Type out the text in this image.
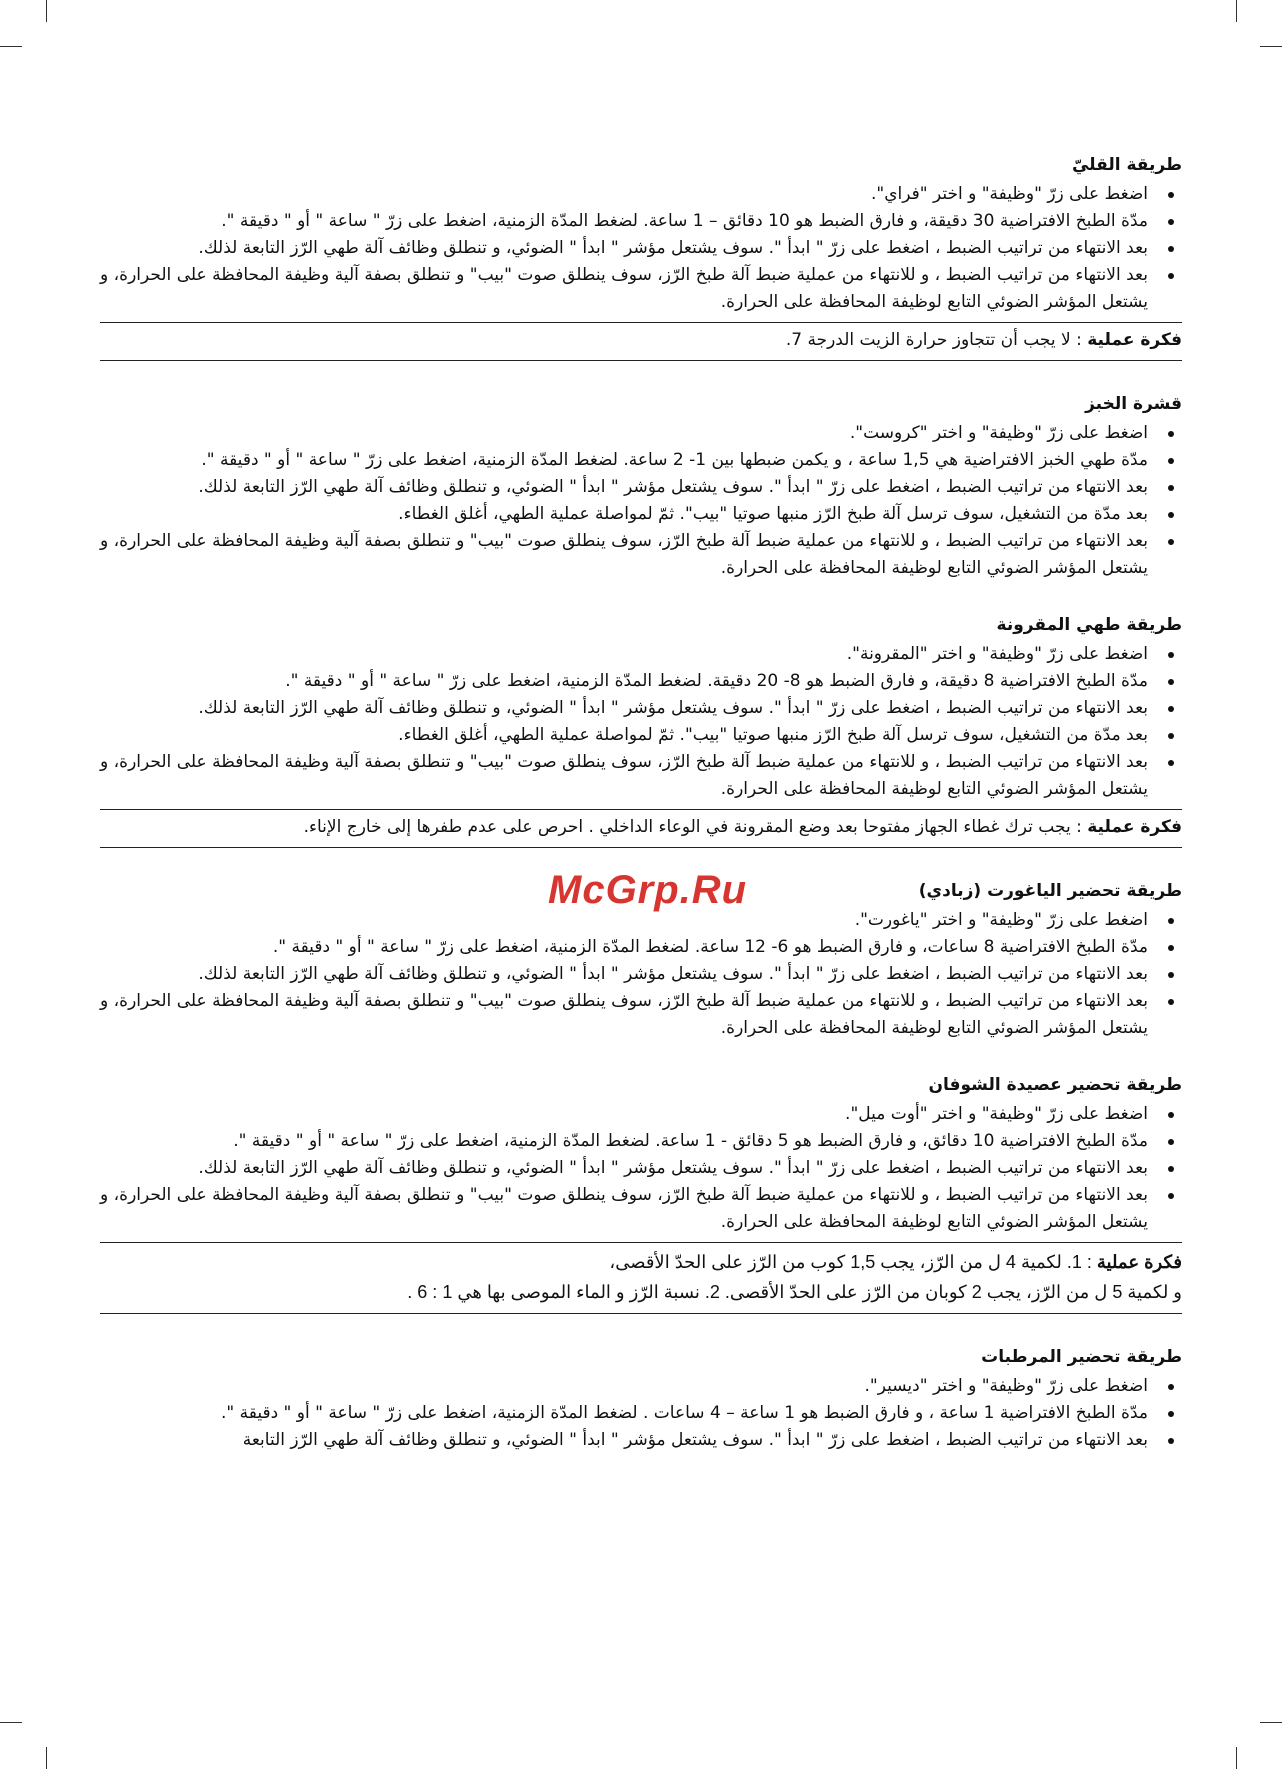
طريقة القليّ
اضغط على زرّ "وظيفة" و اختر "فراي".
مدّة الطبخ الافتراضية 30 دقيقة، و فارق الضبط هو 10 دقائق – 1 ساعة. لضغط المدّة الزمنية، اضغط على زرّ " ساعة " أو " دقيقة ".
بعد الانتهاء من تراتيب الضبط ، اضغط على زرّ " ابدأ ". سوف يشتعل مؤشر " ابدأ " الضوئي، و تنطلق وظائف آلة طهي الرّز التابعة لذلك.
بعد الانتهاء من تراتيب الضبط ، و للانتهاء من عملية ضبط آلة طبخ الرّز، سوف ينطلق صوت "بيب" و تنطلق بصفة آلية وظيفة المحافظة على الحرارة، و يشتعل المؤشر الضوئي التابع لوظيفة المحافظة على الحرارة.
فكرة عملية : لا يجب أن تتجاوز حرارة الزيت الدرجة 7.
قشرة الخبز
اضغط على زرّ "وظيفة" و اختر "كروست".
مدّة طهي الخبز الافتراضية هي 1,5 ساعة ، و يكمن ضبطها بين 1- 2 ساعة. لضغط المدّة الزمنية، اضغط على زرّ " ساعة " أو " دقيقة ".
بعد الانتهاء من تراتيب الضبط ، اضغط على زرّ " ابدأ ". سوف يشتعل مؤشر " ابدأ " الضوئي، و تنطلق وظائف آلة طهي الرّز التابعة لذلك.
بعد مدّة من التشغيل، سوف ترسل آلة طبخ الرّز منبها صوتيا "بيب". ثمّ لمواصلة عملية الطهي، أغلق الغطاء.
بعد الانتهاء من تراتيب الضبط ، و للانتهاء من عملية ضبط آلة طبخ الرّز، سوف ينطلق صوت "بيب" و تنطلق بصفة آلية وظيفة المحافظة على الحرارة، و يشتعل المؤشر الضوئي التابع لوظيفة المحافظة على الحرارة.
طريقة طهي المقرونة
اضغط على زرّ "وظيفة" و اختر "المقرونة".
مدّة الطبخ الافتراضية 8 دقيقة، و فارق الضبط هو 8- 20 دقيقة. لضغط المدّة الزمنية، اضغط على زرّ " ساعة " أو " دقيقة ".
بعد الانتهاء من تراتيب الضبط ، اضغط على زرّ " ابدأ ". سوف يشتعل مؤشر " ابدأ " الضوئي، و تنطلق وظائف آلة طهي الرّز التابعة لذلك.
بعد مدّة من التشغيل، سوف ترسل آلة طبخ الرّز منبها صوتيا "بيب". ثمّ لمواصلة عملية الطهي، أغلق الغطاء.
بعد الانتهاء من تراتيب الضبط ، و للانتهاء من عملية ضبط آلة طبخ الرّز، سوف ينطلق صوت "بيب" و تنطلق بصفة آلية وظيفة المحافظة على الحرارة، و يشتعل المؤشر الضوئي التابع لوظيفة المحافظة على الحرارة.
فكرة عملية : يجب ترك غطاء الجهاز مفتوحا بعد وضع المقرونة في الوعاء الداخلي . احرص على عدم طفرها إلى خارج الإناء.
طريقة تحضير الياغورت (زبادي)
اضغط على زرّ "وظيفة" و اختر "ياغورت".
مدّة الطبخ الافتراضية 8 ساعات، و فارق الضبط هو 6- 12 ساعة. لضغط المدّة الزمنية، اضغط على زرّ " ساعة " أو " دقيقة ".
بعد الانتهاء من تراتيب الضبط ، اضغط على زرّ " ابدأ ". سوف يشتعل مؤشر " ابدأ " الضوئي، و تنطلق وظائف آلة طهي الرّز التابعة لذلك.
بعد الانتهاء من تراتيب الضبط ، و للانتهاء من عملية ضبط آلة طبخ الرّز، سوف ينطلق صوت "بيب" و تنطلق بصفة آلية وظيفة المحافظة على الحرارة، و يشتعل المؤشر الضوئي التابع لوظيفة المحافظة على الحرارة.
طريقة تحضير عصيدة الشوفان
اضغط على زرّ "وظيفة" و اختر "أوت ميل".
مدّة الطبخ الافتراضية 10 دقائق، و فارق الضبط هو 5 دقائق - 1 ساعة. لضغط المدّة الزمنية، اضغط على زرّ " ساعة " أو " دقيقة ".
بعد الانتهاء من تراتيب الضبط ، اضغط على زرّ " ابدأ ". سوف يشتعل مؤشر " ابدأ " الضوئي، و تنطلق وظائف آلة طهي الرّز التابعة لذلك.
بعد الانتهاء من تراتيب الضبط ، و للانتهاء من عملية ضبط آلة طبخ الرّز، سوف ينطلق صوت "بيب" و تنطلق بصفة آلية وظيفة المحافظة على الحرارة، و يشتعل المؤشر الضوئي التابع لوظيفة المحافظة على الحرارة.
فكرة عملية : 1. لكمية 4 ل من الرّز، يجب 1,5 كوب من الرّز على الحدّ الأقصى،
و لكمية 5 ل من الرّز، يجب 2 كوبان من الرّز على الحدّ الأقصى. 2. نسبة الرّز و الماء الموصى بها هي 1 : 6 .
طريقة تحضير المرطبات
اضغط على زرّ "وظيفة" و اختر "ديسير".
مدّة الطبخ الافتراضية 1 ساعة ، و فارق الضبط هو 1 ساعة – 4 ساعات . لضغط المدّة الزمنية، اضغط على زرّ " ساعة " أو " دقيقة ".
بعد الانتهاء من تراتيب الضبط ، اضغط على زرّ " ابدأ ". سوف يشتعل مؤشر " ابدأ " الضوئي، و تنطلق وظائف آلة طهي الرّز التابعة
McGrp.Ru
